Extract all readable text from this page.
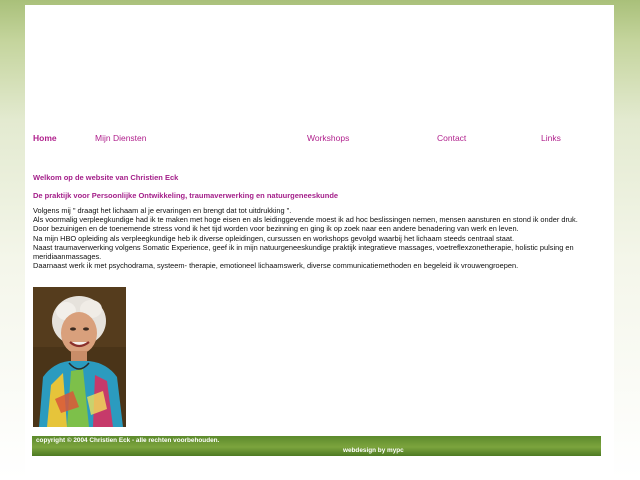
Home	Mijn Diensten	Workshops	Contact	Links
Welkom op de website van Christien Eck
De praktijk voor Persoonlijke Ontwikkeling, traumaverwerking en natuurgeneeskunde

Volgens mij " draagt het lichaam al je ervaringen en brengt dat tot uitdrukking ".

Als voormalig verpleegkundige had ik te maken met hoge eisen en als leidinggevende moest ik ad hoc beslissingen nemen, mensen aansturen en stond ik onder druk. Door bezuinigen en de toenemende stress vond ik het tijd worden voor bezinning en ging ik op zoek naar een andere benadering van werk en leven.

Na mijn HBO opleiding als verpleegkundige heb ik diverse opleidingen, cursussen en workshops gevolgd waarbij het lichaam steeds centraal staat.

Naast traumaverwerking volgens Somatic Experience, geef ik in mijn natuurgeneeskundige praktijk integratieve massages, voetreflexzonetherapie, holistic pulsing en meridiaanmassages.

Daarnaast werk ik met psychodrama, systeem- therapie, emotioneel lichaamswerk, diverse communicatiemethoden en begeleid ik vrouwengroepen.

copyright © 2004 Christien Eck - alle rechten voorbehouden.
webdesign by mypc
